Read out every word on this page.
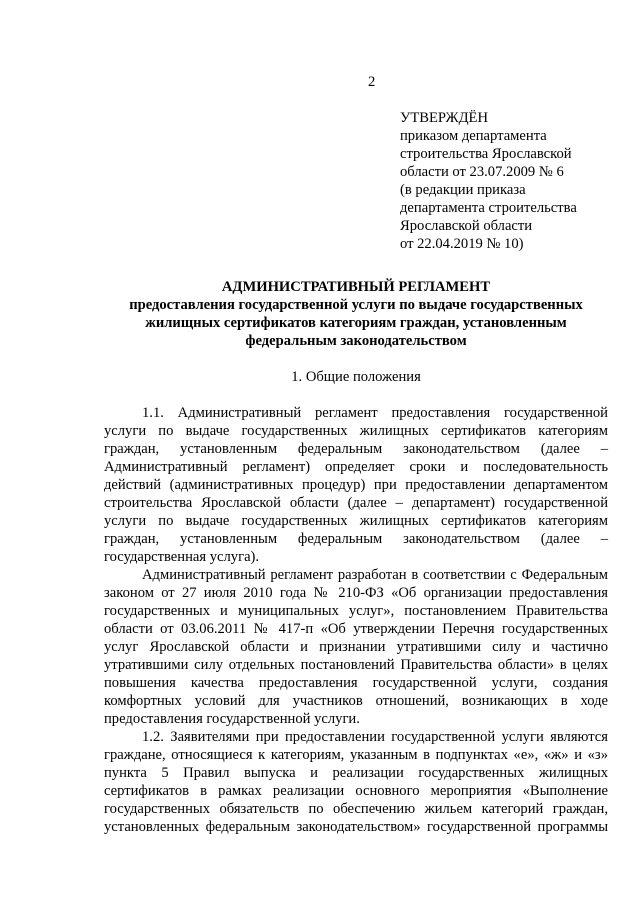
2
УТВЕРЖДЁН
приказом департамента
строительства Ярославской
области от 23.07.2009 № 6
(в редакции приказа
департамента строительства
Ярославской области
от 22.04.2019 № 10)
АДМИНИСТРАТИВНЫЙ РЕГЛАМЕНТ
предоставления государственной услуги по выдаче государственных
жилищных сертификатов категориям граждан, установленным
федеральным законодательством
1. Общие положения
1.1. Административный регламент предоставления государственной
услуги по выдаче государственных жилищных сертификатов категориям
граждан, установленным федеральным законодательством (далее –
Административный регламент) определяет сроки и последовательность
действий (административных процедур) при предоставлении департаментом
строительства Ярославской области (далее – департамент) государственной
услуги по выдаче государственных жилищных сертификатов категориям
граждан, установленным федеральным законодательством (далее –
государственная услуга).
Административный регламент разработан в соответствии с Федеральным
законом от 27 июля 2010 года № 210-ФЗ «Об организации предоставления
государственных и муниципальных услуг», постановлением Правительства
области от 03.06.2011 № 417-п «Об утверждении Перечня государственных
услуг Ярославской области и признании утратившими силу и частично
утратившими силу отдельных постановлений Правительства области» в целях
повышения качества предоставления государственной услуги, создания
комфортных условий для участников отношений, возникающих в ходе
предоставления государственной услуги.
1.2. Заявителями при предоставлении государственной услуги являются
граждане, относящиеся к категориям, указанным в подпунктах «е», «ж» и «з»
пункта 5 Правил выпуска и реализации государственных жилищных
сертификатов в рамках реализации основного мероприятия «Выполнение
государственных обязательств по обеспечению жильем категорий граждан,
установленных федеральным законодательством» государственной программы
